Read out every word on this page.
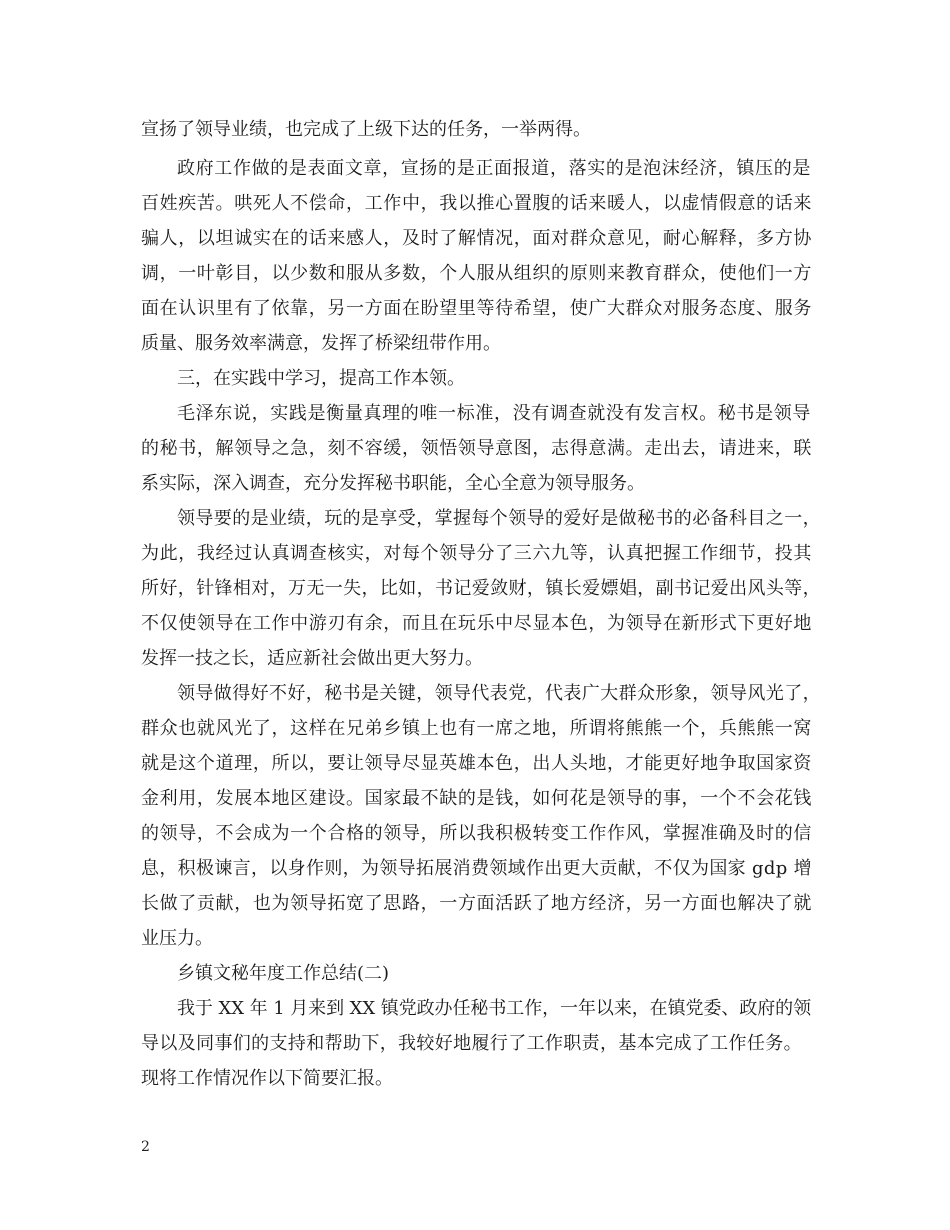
宣扬了领导业绩，也完成了上级下达的任务，一举两得。
政府工作做的是表面文章，宣扬的是正面报道，落实的是泡沫经济，镇压的是
百姓疾苦。哄死人不偿命，工作中，我以推心置腹的话来暖人，以虚情假意的话来
骗人，以坦诚实在的话来感人，及时了解情况，面对群众意见，耐心解释，多方协
调，一叶彰目，以少数和服从多数，个人服从组织的原则来教育群众，使他们一方
面在认识里有了依靠，另一方面在盼望里等待希望，使广大群众对服务态度、服务
质量、服务效率满意，发挥了桥梁纽带作用。
三，在实践中学习，提高工作本领。
毛泽东说，实践是衡量真理的唯一标准，没有调查就没有发言权。秘书是领导
的秘书，解领导之急，刻不容缓，领悟领导意图，志得意满。走出去，请进来，联
系实际，深入调查，充分发挥秘书职能，全心全意为领导服务。
领导要的是业绩，玩的是享受，掌握每个领导的爱好是做秘书的必备科目之一，
为此，我经过认真调查核实，对每个领导分了三六九等，认真把握工作细节，投其
所好，针锋相对，万无一失，比如，书记爱敛财，镇长爱嫖娼，副书记爱出风头等，
不仅使领导在工作中游刃有余，而且在玩乐中尽显本色，为领导在新形式下更好地
发挥一技之长，适应新社会做出更大努力。
领导做得好不好，秘书是关键，领导代表党，代表广大群众形象，领导风光了，
群众也就风光了，这样在兄弟乡镇上也有一席之地，所谓将熊熊一个，兵熊熊一窝
就是这个道理，所以，要让领导尽显英雄本色，出人头地，才能更好地争取国家资
金利用，发展本地区建设。国家最不缺的是钱，如何花是领导的事，一个不会花钱
的领导，不会成为一个合格的领导，所以我积极转变工作作风，掌握准确及时的信
息，积极谏言，以身作则，为领导拓展消费领域作出更大贡献，不仅为国家 gdp 增
长做了贡献，也为领导拓宽了思路，一方面活跃了地方经济，另一方面也解决了就
业压力。
乡镇文秘年度工作总结(二)
我于 XX 年 1 月来到 XX 镇党政办任秘书工作，一年以来，在镇党委、政府的领
导以及同事们的支持和帮助下，我较好地履行了工作职责，基本完成了工作任务。
现将工作情况作以下简要汇报。
2
